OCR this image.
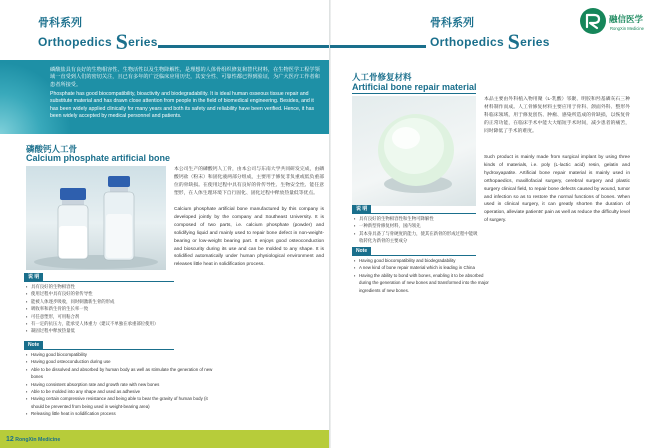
骨科系列
Orthopedics Series
磷酸盐具有良好的生物相容性、生物活性以及生物降解性，是理想的人体骨组织修复和替代材料，在生物医学工程学领域一直受到人们的密切关注，且已有多年的广泛临床应用历史，其安全性、可靠性都已得到验证，为广大医疗工作者和患者所接受。
Phosphate has good biocompatibility, bioactivity and biodegradability. It is ideal human osseous tissue repair and substitute material and has drawn close attention from people in the field of biomedical engineering. Besides, and it has been widely applied clinically for many years and both its safety and reliability have been verified. Hence, it has been widely accepted by medical personnel and patients.
磷酸钙人工骨
Calcium phosphate artificial bone
本公司生产的磷酸钙人工骨，由本公司与东南大学共同研发完成，由磷酸钙盐（粉末）和固化液两部分组成，主要用于修复非负重或低负重部位的骨缺损。在使用过程中具有良好的骨传导性、生物安全性、能任意塑形，在人体生理环境下自行固化、固化过程中释放热量低等优点。
Calcium phosphate artificial bone manufactured by this company is developed jointly by the company and Southeast University. It is composed of two parts, i.e. calcium phosphate (powder) and solidifying liquid and mainly used to repair bone defect in non-weight-bearing or low-weight bearing part. It enjoys good osteoconduction and bioscurity during its use and can be molded to any shape. It is solidified automatically under human physiological environment and releases little heat in solidification process.
说 明
▪ 具有良好的生物相容性
▪ 使用过程中具有良好的骨传导性
▪ 能被人体逐步吸收，同时刺激新生骨的形成
▪ 吸收率和新生骨的生长率一致
▪ 可任意塑形，可用粘合剂
▪ 有一定的抗压力，能承受人体重力（建议不单独在承重部位使用）
▪ 凝固过程中释放热量低
Note
▪ Having good biocompatibility
▪ Having good osteoconduction during use
▪ Able to be dissolved and absorbed by human body as well as stimulate the generation of new bones
▪ Having consistent absorption rate and growth rate with new bones
▪ Able to be molded into any shape and used as adhesive
▪ Having certain compressive resistance and being able to bear the gravity of human body (it should be prevented from being used in weight-bearing area)
▪ Releasing little heat in solidification process
12 RongXin Medicine
骨科系列
Orthopedics Series
融信医学
RongXin Medicine
人工骨修复材料
Artificial bone repair material
本品主要由外科植入物用聚（L-乳酸）邻聚、明胶和羟基磷灰石三种材料制作而成。人工骨修复材料主要应用于骨科、颌面外科、整形外科临床领域，用于修复创伤、肿瘤、感染所造成的骨缺损，以恢复骨的正常功能，在临床手术中能大大缩短手术时间，减少患者的痛苦，同时降低了手术的难度。
Such product is mainly made from surgical implant by using three kinds of materials, i.e. poly (L-lactic acid) resin, gelatin and hydroxyapatite. Artificial bone repair material is mainly used in orthopaedics, maxillofacial surgery, cerebral surgery and plastic surgery clinical field, to repair bone defects caused by wound, tumor and infection so as to restore the normal functions of bones. When used in clinical surgery, it can greatly shorten the duration of operation, alleviate patients' pain as well as reduce the difficulty level of surgery.
说 明
▪ 具有良好的生物相容性和生物可降解性
▪ 一种新型骨修复材料，国内领先
▪ 其本身具备了与骨硬度的能力，使其在新骨的形成过程中能吸收转化为新骨的主要成分
Note
▪ Having good biocompatibility and biodegradability
▪ A new kind of bone repair material which is leading in China
▪ Having the ability to bond with bones, enabling it to be absorbed during the generation of new bones and transformed into the major ingredients of new bones.
